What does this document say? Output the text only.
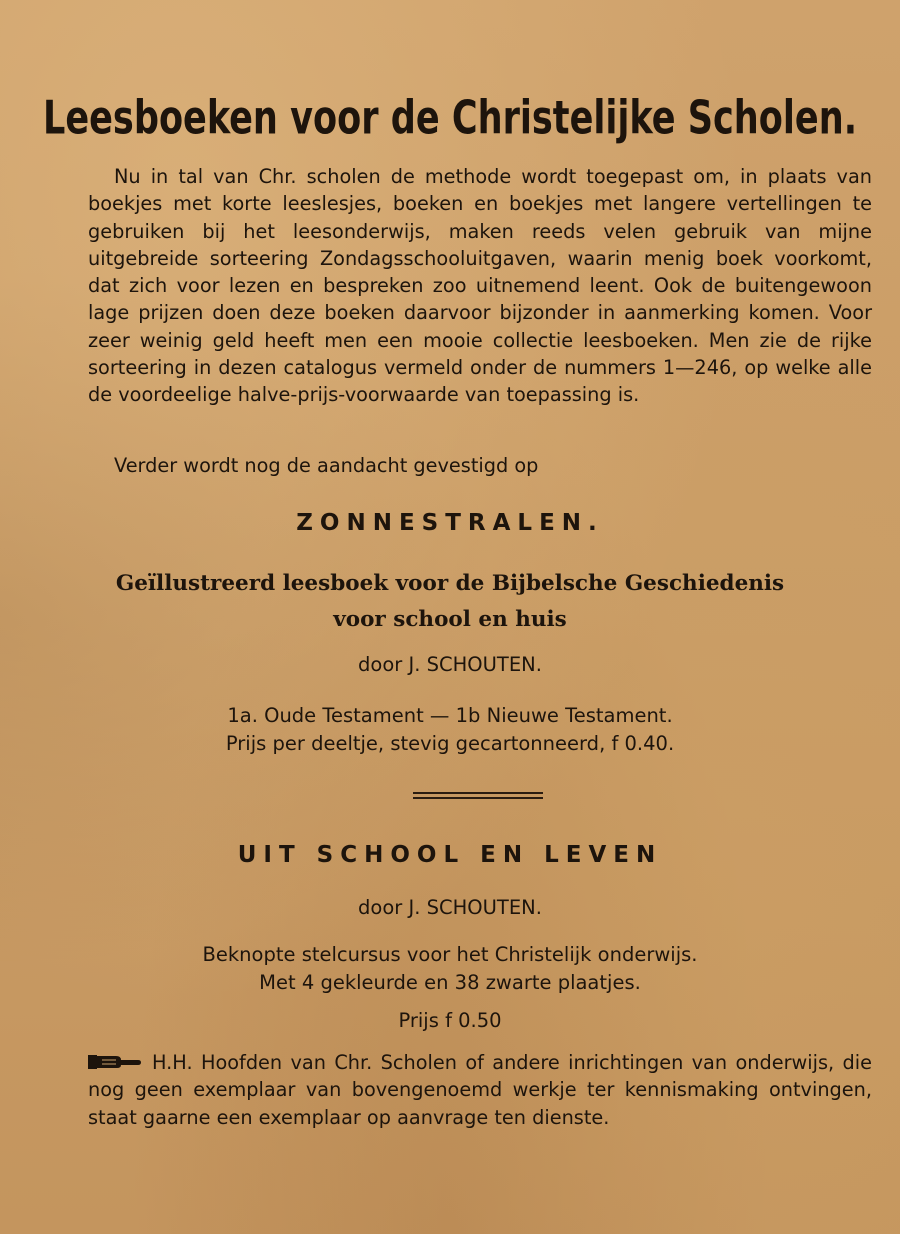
Leesboeken voor de Christelijke Scholen.

Nu in tal van Chr. scholen de methode wordt toegepast om, in plaats van boekjes met korte leeslesjes, boeken en boekjes met langere vertellingen te gebruiken bij het leesonderwijs, maken reeds velen gebruik van mijne uitgebreide sorteering Zondagsschooluitgaven, waarin menig boek voorkomt, dat zich voor lezen en bespreken zoo uitnemend leent. Ook de buitengewoon lage prijzen doen deze boeken daarvoor bijzonder in aanmerking komen. Voor zeer weinig geld heeft men een mooie collectie leesboeken. Men zie de rijke sorteering in dezen catalogus vermeld onder de nummers 1—246, op welke alle de voordeelige halve-prijs-voorwaarde van toepassing is.

Verder wordt nog de aandacht gevestigd op

ZONNESTRALEN.
Geïllustreerd leesboek voor de Bijbelsche Geschiedenis
voor school en huis

door J. SCHOUTEN.

1a. Oude Testament — 1b Nieuwe Testament.
Prijs per deeltje, stevig gecartonneerd, f 0.40.
UIT SCHOOL EN LEVEN

door J. SCHOUTEN.

Beknopte stelcursus voor het Christelijk onderwijs.
Met 4 gekleurde en 38 zwarte plaatjes.

Prijs f 0.50

H.H. Hoofden van Chr. Scholen of andere inrichtingen van onderwijs, die nog geen exemplaar van bovengenoemd werkje ter kennismaking ontvingen, staat gaarne een exemplaar op aanvrage ten dienste.
